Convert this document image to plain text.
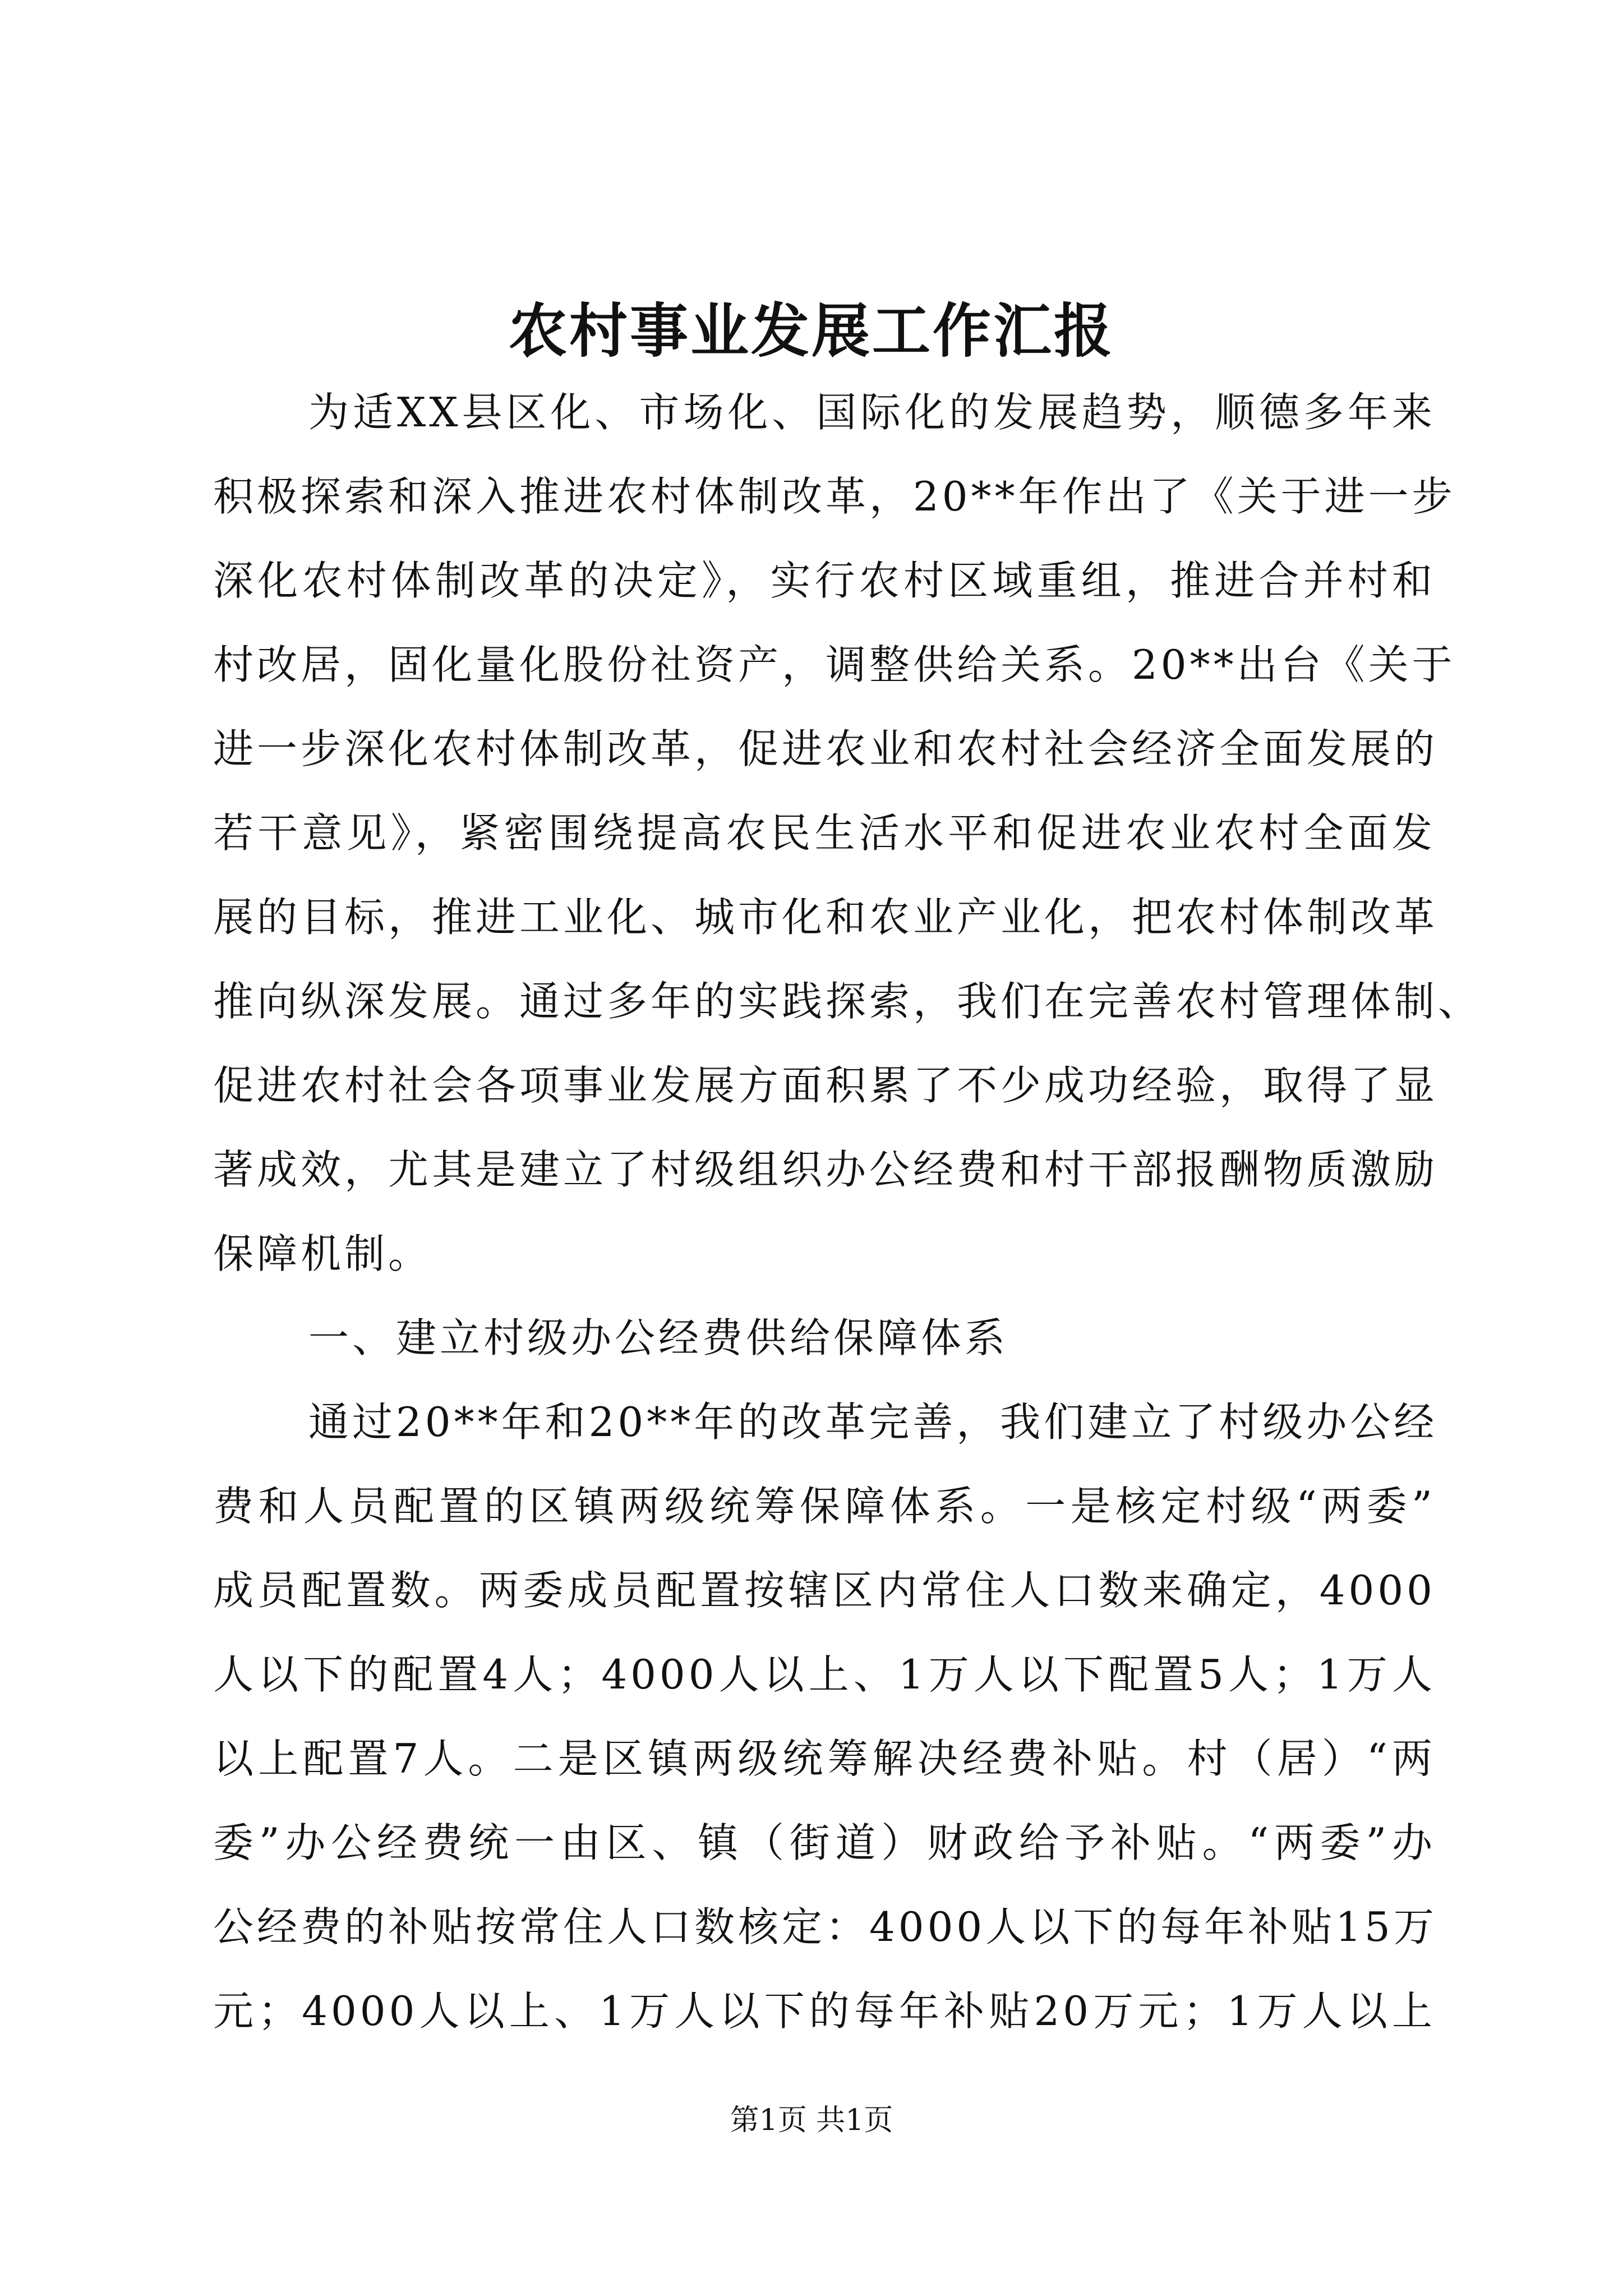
农村事业发展工作汇报
为适XX县区化、市场化、国际化的发展趋势，顺德多年来
积极探索和深入推进农村体制改革，20**年作出了《关于进一步
深化农村体制改革的决定》，实行农村区域重组，推进合并村和
村改居，固化量化股份社资产，调整供给关系。20**出台《关于
进一步深化农村体制改革，促进农业和农村社会经济全面发展的
若干意见》，紧密围绕提高农民生活水平和促进农业农村全面发
展的目标，推进工业化、城市化和农业产业化，把农村体制改革
推向纵深发展。通过多年的实践探索，我们在完善农村管理体制、
促进农村社会各项事业发展方面积累了不少成功经验，取得了显
著成效，尤其是建立了村级组织办公经费和村干部报酬物质激励
保障机制。
一、建立村级办公经费供给保障体系
通过20**年和20**年的改革完善，我们建立了村级办公经
费和人员配置的区镇两级统筹保障体系。一是核定村级“两委”
成员配置数。两委成员配置按辖区内常住人口数来确定，4000
人以下的配置4人；4000人以上、1万人以下配置5人；1万人
以上配置7人。二是区镇两级统筹解决经费补贴。村（居）“两
委”办公经费统一由区、镇（街道）财政给予补贴。“两委”办
公经费的补贴按常住人口数核定：4000人以下的每年补贴15万
元；4000人以上、1万人以下的每年补贴20万元；1万人以上
第1页 共1页
